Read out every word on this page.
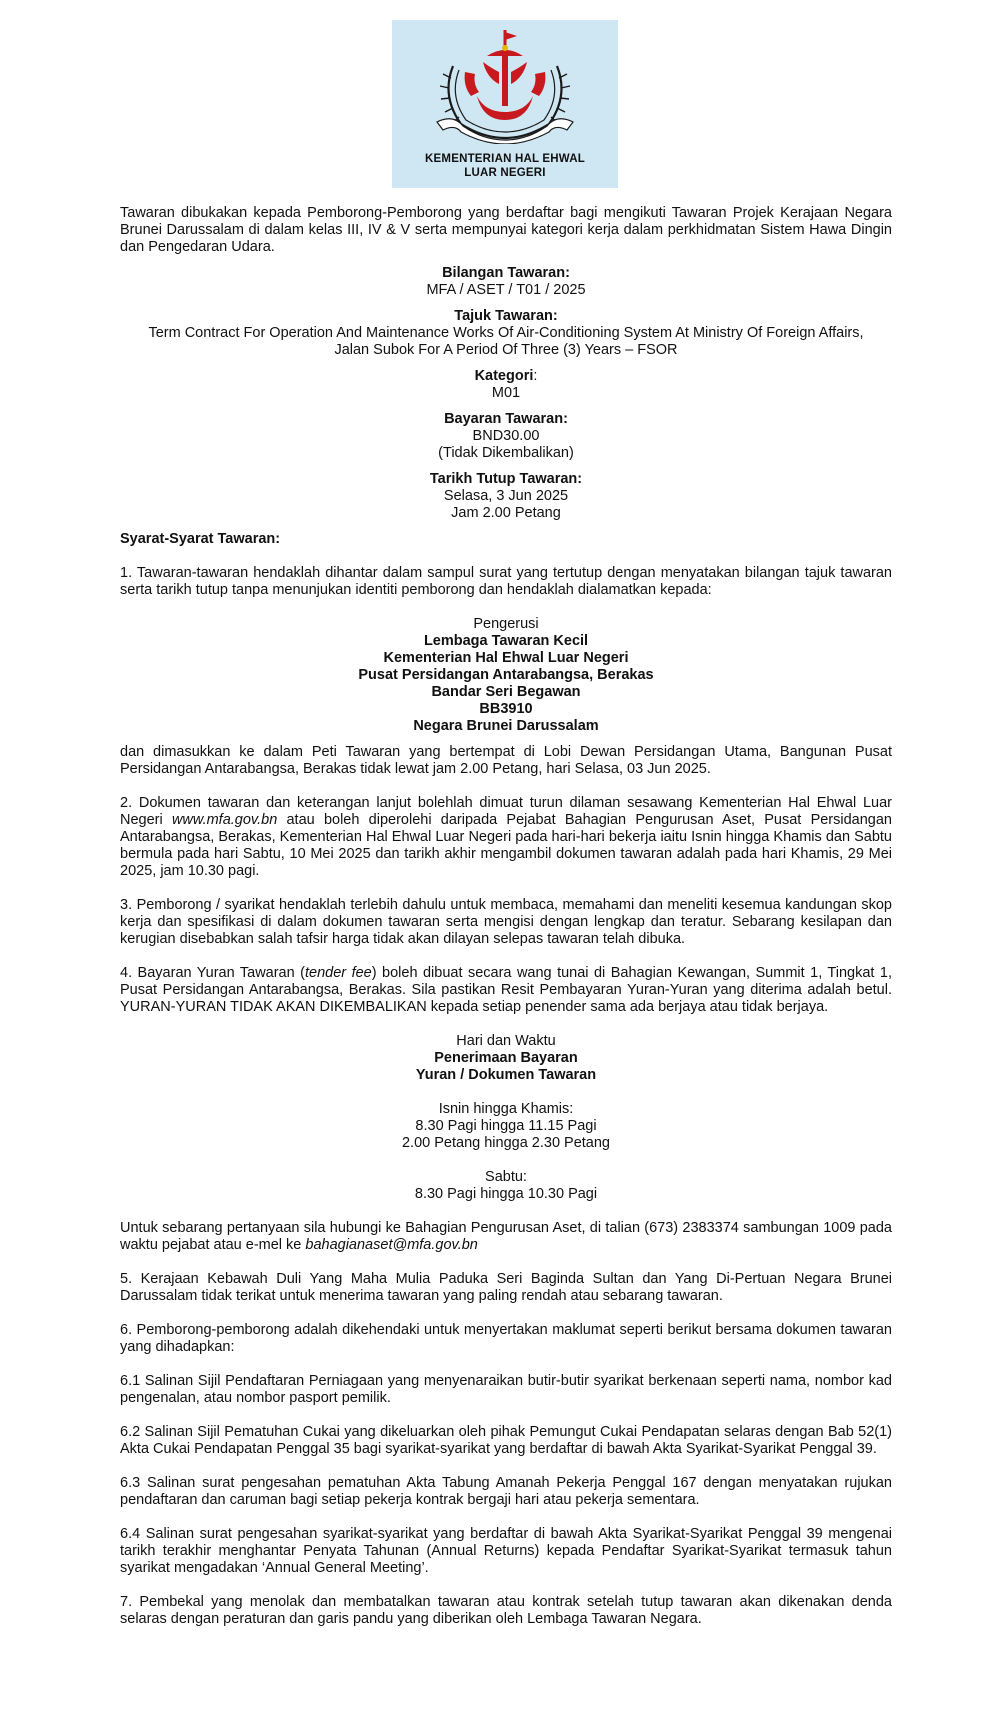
KEMENTERIAN HAL EHWAL
LUAR NEGERI

Tawaran dibukakan kepada Pemborong-Pemborong yang berdaftar bagi mengikuti Tawaran Projek Kerajaan Negara Brunei Darussalam di dalam kelas III, IV & V serta mempunyai kategori kerja dalam perkhidmatan Sistem Hawa Dingin dan Pengedaran Udara.

Bilangan Tawaran:

MFA / ASET / T01 / 2025

Tajuk Tawaran:

Term Contract For Operation And Maintenance Works Of Air-Conditioning System At Ministry Of Foreign Affairs,

Jalan Subok For A Period Of Three (3) Years – FSOR

Kategori:

M01

Bayaran Tawaran:

BND30.00

(Tidak Dikembalikan)

Tarikh Tutup Tawaran:

Selasa, 3 Jun 2025

Jam 2.00 Petang

Syarat-Syarat Tawaran:

1. Tawaran-tawaran hendaklah dihantar dalam sampul surat yang tertutup dengan menyatakan bilangan tajuk tawaran serta tarikh tutup tanpa menunjukan identiti pemborong dan hendaklah dialamatkan kepada:

Pengerusi

Lembaga Tawaran Kecil

Kementerian Hal Ehwal Luar Negeri

Pusat Persidangan Antarabangsa, Berakas

Bandar Seri Begawan

BB3910

Negara Brunei Darussalam

dan dimasukkan ke dalam Peti Tawaran yang bertempat di Lobi Dewan Persidangan Utama, Bangunan Pusat Persidangan Antarabangsa, Berakas tidak lewat jam 2.00 Petang, hari Selasa, 03 Jun 2025.

2. Dokumen tawaran dan keterangan lanjut bolehlah dimuat turun dilaman sesawang Kementerian Hal Ehwal Luar Negeri www.mfa.gov.bn atau boleh diperolehi daripada Pejabat Bahagian Pengurusan Aset, Pusat Persidangan Antarabangsa, Berakas, Kementerian Hal Ehwal Luar Negeri pada hari-hari bekerja iaitu Isnin hingga Khamis dan Sabtu bermula pada hari Sabtu, 10 Mei 2025 dan tarikh akhir mengambil dokumen tawaran adalah pada hari Khamis, 29 Mei 2025, jam 10.30 pagi.

3. Pemborong / syarikat hendaklah terlebih dahulu untuk membaca, memahami dan meneliti kesemua kandungan skop kerja dan spesifikasi di dalam dokumen tawaran serta mengisi dengan lengkap dan teratur. Sebarang kesilapan dan kerugian disebabkan salah tafsir harga tidak akan dilayan selepas tawaran telah dibuka.

4. Bayaran Yuran Tawaran (tender fee) boleh dibuat secara wang tunai di Bahagian Kewangan, Summit 1, Tingkat 1, Pusat Persidangan Antarabangsa, Berakas. Sila pastikan Resit Pembayaran Yuran-Yuran yang diterima adalah betul. YURAN-YURAN TIDAK AKAN DIKEMBALIKAN kepada setiap penender sama ada berjaya atau tidak berjaya.

Hari dan Waktu

Penerimaan Bayaran

Yuran / Dokumen Tawaran

Isnin hingga Khamis:

8.30 Pagi hingga 11.15 Pagi

2.00 Petang hingga 2.30 Petang

Sabtu:

8.30 Pagi hingga 10.30 Pagi

Untuk sebarang pertanyaan sila hubungi ke Bahagian Pengurusan Aset, di talian (673) 2383374 sambungan 1009 pada waktu pejabat atau e-mel ke bahagianaset@mfa.gov.bn

5. Kerajaan Kebawah Duli Yang Maha Mulia Paduka Seri Baginda Sultan dan Yang Di-Pertuan Negara Brunei Darussalam tidak terikat untuk menerima tawaran yang paling rendah atau sebarang tawaran.

6. Pemborong-pemborong adalah dikehendaki untuk menyertakan maklumat seperti berikut bersama dokumen tawaran yang dihadapkan:

6.1 Salinan Sijil Pendaftaran Perniagaan yang menyenaraikan butir-butir syarikat berkenaan seperti nama, nombor kad pengenalan, atau nombor pasport pemilik.

6.2 Salinan Sijil Pematuhan Cukai yang dikeluarkan oleh pihak Pemungut Cukai Pendapatan selaras dengan Bab 52(1) Akta Cukai Pendapatan Penggal 35 bagi syarikat-syarikat yang berdaftar di bawah Akta Syarikat-Syarikat Penggal 39.

6.3 Salinan surat pengesahan pematuhan Akta Tabung Amanah Pekerja Penggal 167 dengan menyatakan rujukan pendaftaran dan caruman bagi setiap pekerja kontrak bergaji hari atau pekerja sementara.

6.4 Salinan surat pengesahan syarikat-syarikat yang berdaftar di bawah Akta Syarikat-Syarikat Penggal 39 mengenai tarikh terakhir menghantar Penyata Tahunan (Annual Returns) kepada Pendaftar Syarikat-Syarikat termasuk tahun syarikat mengadakan ‘Annual General Meeting’.

7. Pembekal yang menolak dan membatalkan tawaran atau kontrak setelah tutup tawaran akan dikenakan denda selaras dengan peraturan dan garis pandu yang diberikan oleh Lembaga Tawaran Negara.
